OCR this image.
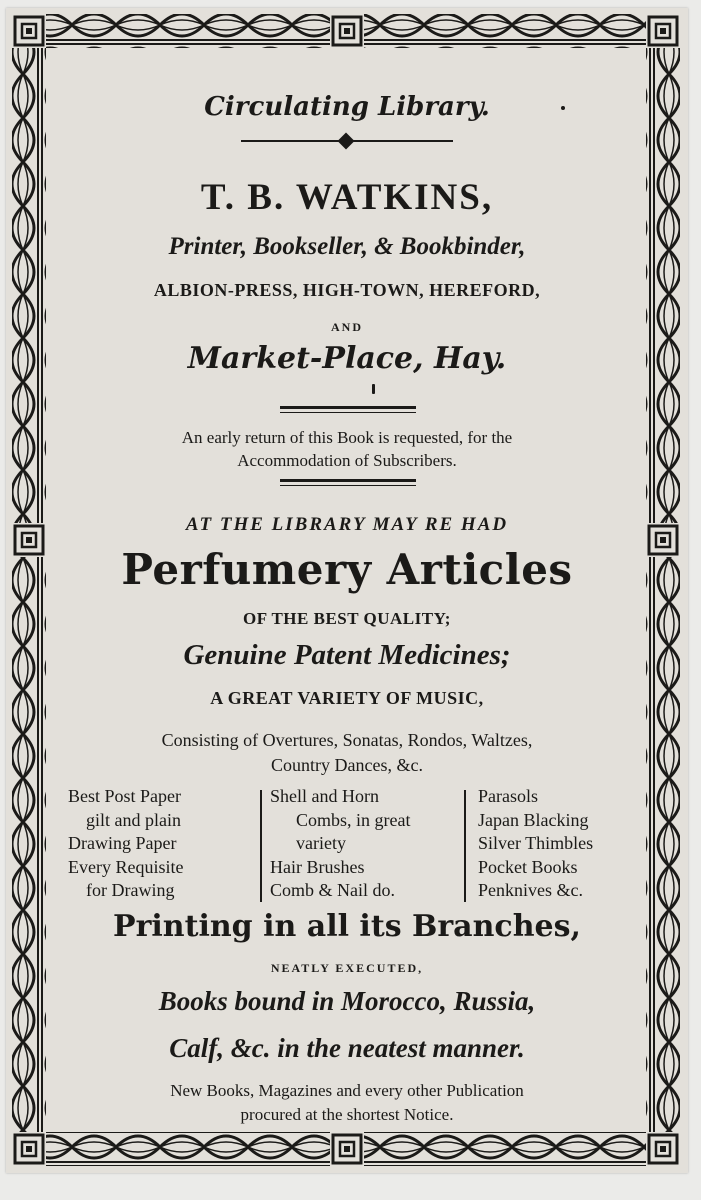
Circulating Library.
T. B. WATKINS,
Printer, Bookseller, & Bookbinder,
ALBION-PRESS, HIGH-TOWN, HEREFORD,
AND
Market-Place, Hay.
An early return of this Book is requested, for the
Accommodation of Subscribers.
AT THE LIBRARY MAY RE HAD
Perfumery Articles
OF THE BEST QUALITY;
Genuine Patent Medicines;
A GREAT VARIETY OF MUSIC,
Consisting of Overtures, Sonatas, Rondos, Waltzes,
Country Dances, &c.
Best Post Paper
gilt and plain
Drawing Paper
Every Requisite
for Drawing
Shell and Horn
Combs, in great
variety
Hair Brushes
Comb & Nail do.
Parasols
Japan Blacking
Silver Thimbles
Pocket Books
Penknives &c.
Printing in all its Branches,
NEATLY EXECUTED,
Books bound in Morocco, Russia,
Calf, &c. in the neatest manner.
New Books, Magazines and every other Publication
procured at the shortest Notice.
